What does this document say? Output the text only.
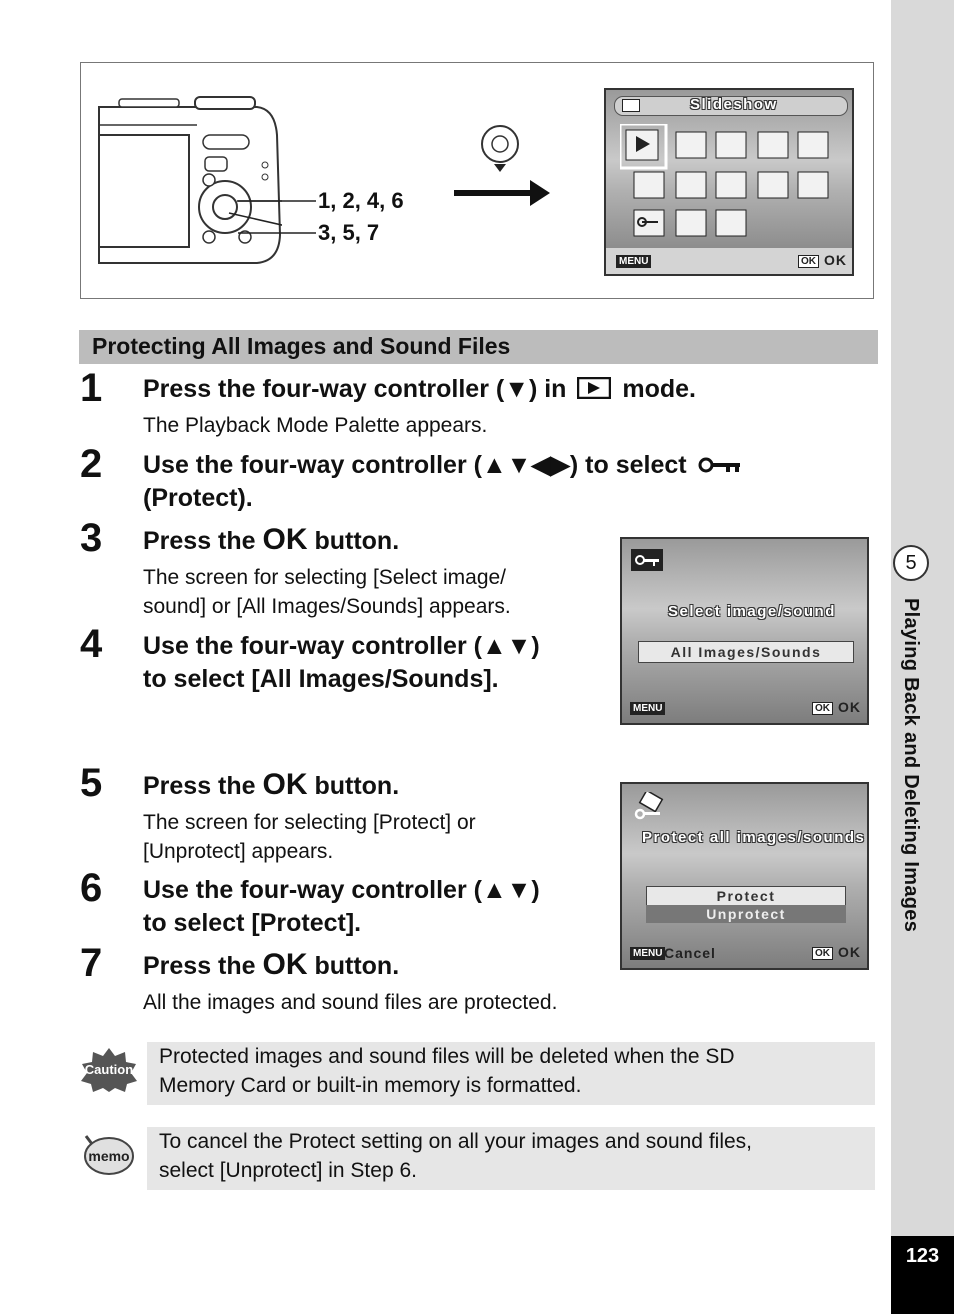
5
Playing Back and Deleting Images
123
1, 2, 4, 6
3, 5, 7
Slideshow
MENU	OK OK
Protecting All Images and Sound Files
1 Press the four-way controller (▼) in mode.
The Playback Mode Palette appears.
2 Use the four-way controller (▲▼◀▶) to select
(Protect).
3 Press the OK button.
The screen for selecting [Select image/
sound] or [All Images/Sounds] appears.	Select image/sound
All Images/Sounds
MENU	OK OK
4 Use the four-way controller (▲▼)
to select [All Images/Sounds].
5 Press the OK button.
The screen for selecting [Protect] or
[Unprotect] appears.
Protect all images/sounds
Protect
Unprotect
MENU Cancel	OK OK
6 Use the four-way controller (▲▼)
to select [Protect].
7 Press the OK button.
All the images and sound files are protected.
Caution
Protected images and sound files will be deleted when the SD
Memory Card or built-in memory is formatted.
memo
To cancel the Protect setting on all your images and sound files,
select [Unprotect] in Step 6.
